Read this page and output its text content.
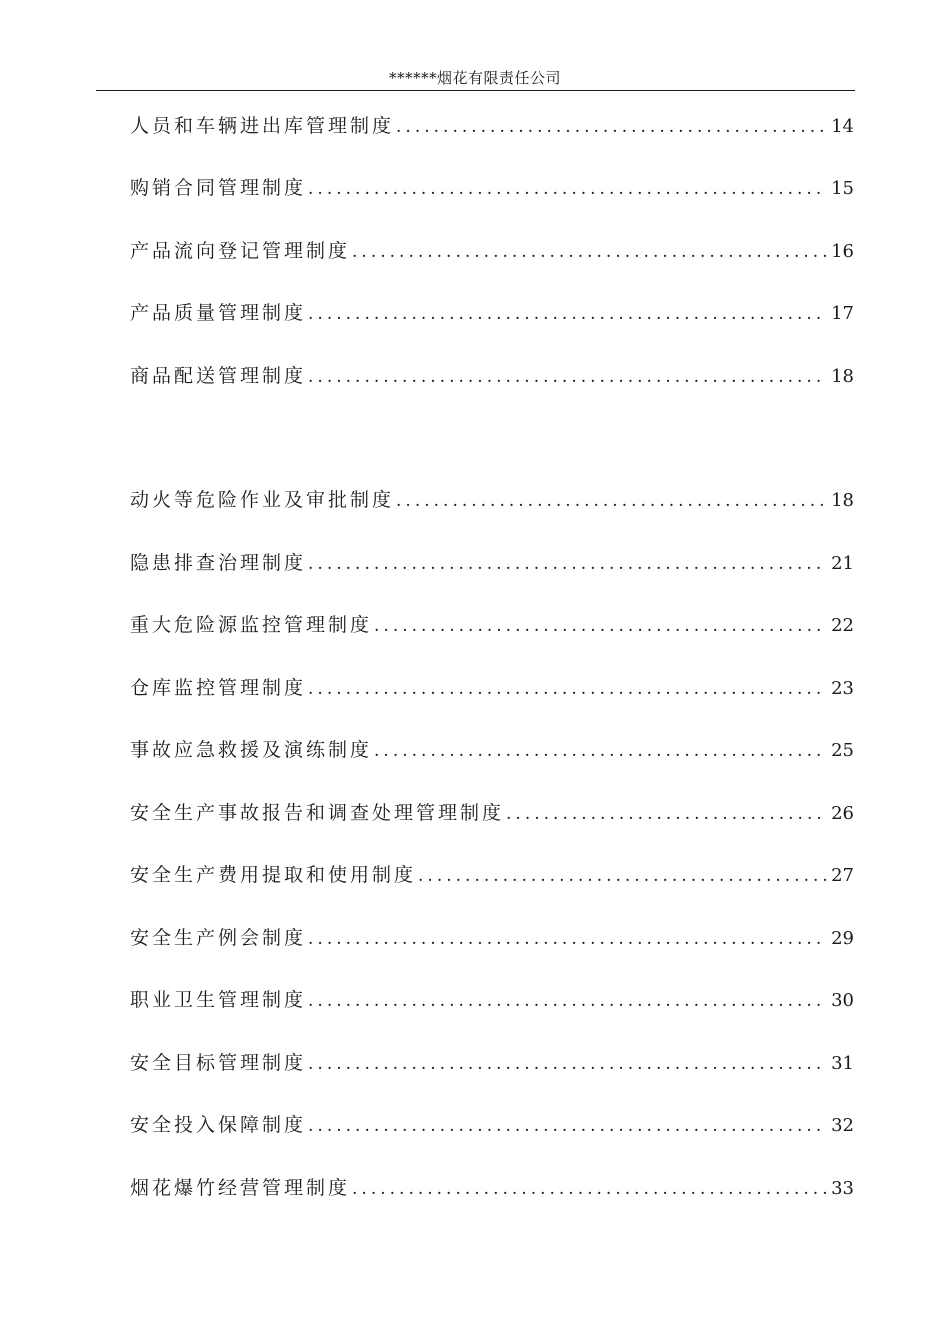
******烟花有限责任公司
人员和车辆进出库管理制度 .....	14
购销合同管理制度 .....	15
产品流向登记管理制度 .....	16
产品质量管理制度 .....	17
商品配送管理制度 .....	18
动火等危险作业及审批制度 .....	18
隐患排查治理制度 .....	21
重大危险源监控管理制度 .....	22
仓库监控管理制度 .....	23
事故应急救援及演练制度 .....	25
安全生产事故报告和调查处理管理制度 .....	26
安全生产费用提取和使用制度 .....	27
安全生产例会制度 .....	29
职业卫生管理制度 .....	30
安全目标管理制度 .....	31
安全投入保障制度 .....	32
烟花爆竹经营管理制度 .....	33
